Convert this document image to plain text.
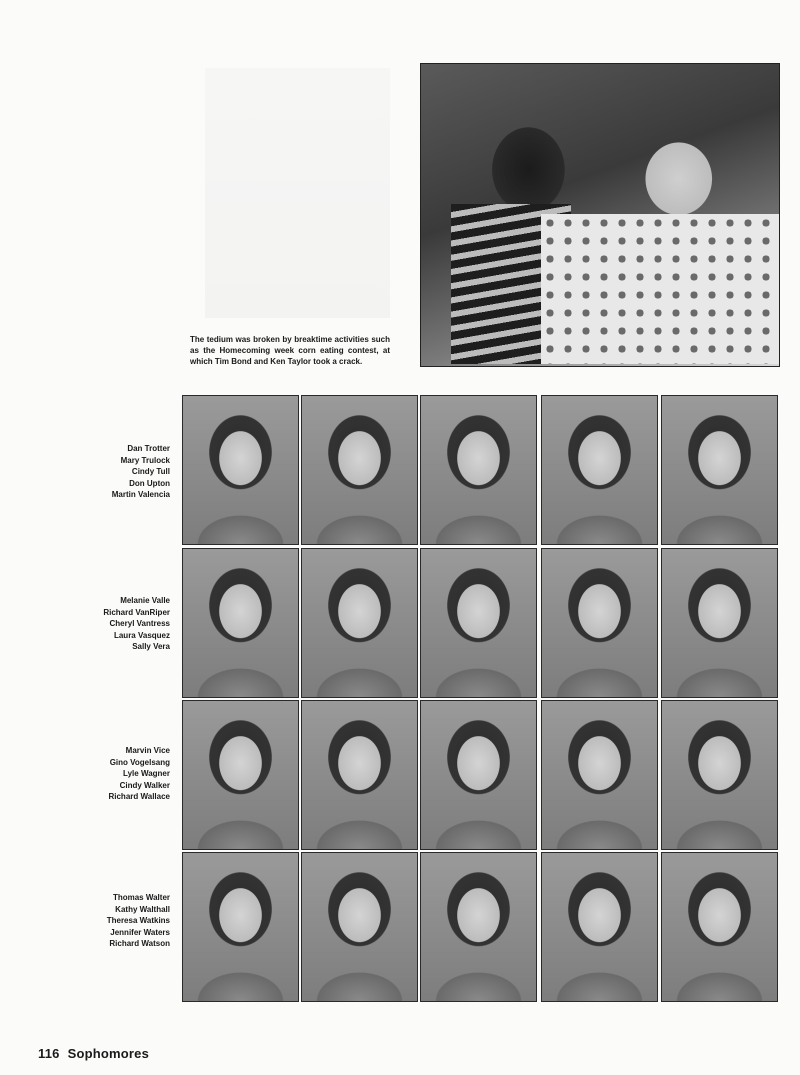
The tedium was broken by breaktime activities such as the Homecoming week corn eating contest, at which Tim Bond and Ken Taylor took a crack.
Dan Trotter
Mary Trulock
Cindy Tull
Don Upton
Martin Valencia
Melanie Valle
Richard VanRiper
Cheryl Vantress
Laura Vasquez
Sally Vera
Marvin Vice
Gino Vogelsang
Lyle Wagner
Cindy Walker
Richard Wallace
Thomas Walter
Kathy Walthall
Theresa Watkins
Jennifer Waters
Richard Watson
116 Sophomores
